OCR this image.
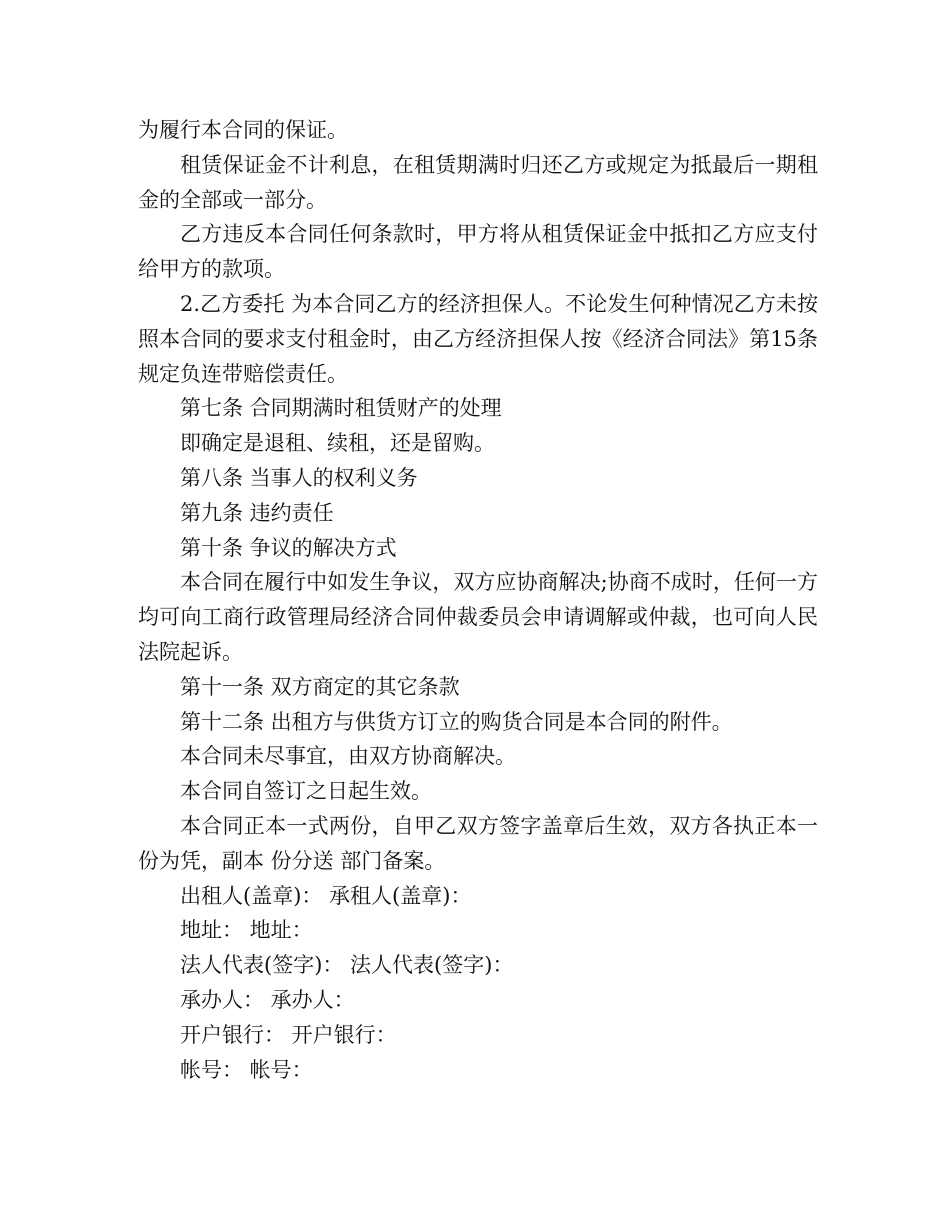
为履行本合同的保证。

租赁保证金不计利息，在租赁期满时归还乙方或规定为抵最后一期租金的全部或一部分。

乙方违反本合同任何条款时，甲方将从租赁保证金中抵扣乙方应支付给甲方的款项。

2.乙方委托 为本合同乙方的经济担保人。不论发生何种情况乙方未按照本合同的要求支付租金时，由乙方经济担保人按《经济合同法》第15条规定负连带赔偿责任。

第七条 合同期满时租赁财产的处理

即确定是退租、续租，还是留购。

第八条 当事人的权利义务

第九条 违约责任

第十条 争议的解决方式

本合同在履行中如发生争议，双方应协商解决;协商不成时，任何一方均可向工商行政管理局经济合同仲裁委员会申请调解或仲裁，也可向人民法院起诉。

第十一条 双方商定的其它条款

第十二条 出租方与供货方订立的购货合同是本合同的附件。

本合同未尽事宜，由双方协商解决。

本合同自签订之日起生效。

本合同正本一式两份，自甲乙双方签字盖章后生效，双方各执正本一份为凭，副本 份分送 部门备案。

出租人(盖章)： 承租人(盖章)：

地址： 地址：

法人代表(签字)： 法人代表(签字)：

承办人： 承办人：

开户银行： 开户银行：

帐号： 帐号：
